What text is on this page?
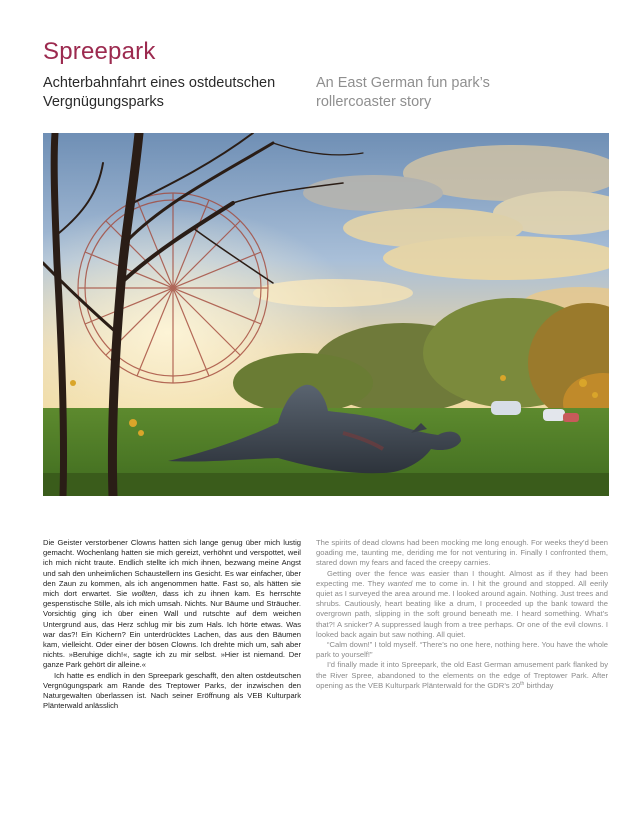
Spreepark
Achterbahnfahrt eines ostdeutschen Vergnügungsparks
An East German fun park’s rollercoaster story

Die Geister verstorbener Clowns hatten sich lange genug über mich lustig gemacht. Wochenlang hatten sie mich gereizt, verhöhnt und verspottet, weil ich mich nicht traute. Endlich stellte ich mich ihnen, bezwang meine Angst und sah den unheimlichen Schaustellern ins Gesicht. Es war einfacher, über den Zaun zu kommen, als ich angenommen hatte. Fast so, als hätten sie mich dort erwartet. Sie wollten, dass ich zu ihnen kam. Es herrschte gespenstische Stille, als ich mich umsah. Nichts. Nur Bäume und Sträucher. Vorsichtig ging ich über einen Wall und rutschte auf dem weichen Untergrund aus, das Herz schlug mir bis zum Hals. Ich hörte etwas. Was war das?! Ein Kichern? Ein unterdrücktes Lachen, das aus den Bäumen kam, vielleicht. Oder einer der bösen Clowns. Ich drehte mich um, sah aber nichts. »Beruhige dich!«, sagte ich zu mir selbst. »Hier ist niemand. Der ganze Park gehört dir alleine.«

Ich hatte es endlich in den Spreepark geschafft, den alten ostdeutschen Vergnügungspark am Rande des Treptower Parks, der inzwischen den Naturgewalten überlassen ist. Nach seiner Eröffnung als VEB Kulturpark Plänterwald anlässlich

The spirits of dead clowns had been mocking me long enough. For weeks they’d been goading me, taunting me, deriding me for not venturing in. Finally I confronted them, stared down my fears and faced the creepy carnies.

Getting over the fence was easier than I thought. Almost as if they had been expecting me. They wanted me to come in. I hit the ground and stopped. All eerily quiet as I surveyed the area around me. I looked around again. Nothing. Just trees and shrubs. Cautiously, heart beating like a drum, I proceeded up the bank toward the overgrown path, slipping in the soft ground beneath me. I heard something. What’s that?! A snicker? A suppressed laugh from a tree perhaps. Or one of the evil clowns. I looked back again but saw nothing. All quiet.

“Calm down!” I told myself. “There’s no one here, nothing here. You have the whole park to yourself!”

I’d finally made it into Spreepark, the old East German amusement park flanked by the River Spree, abandoned to the elements on the edge of Treptower Park. After opening as the VEB Kulturpark Plänterwald for the GDR’s 20th birthday
